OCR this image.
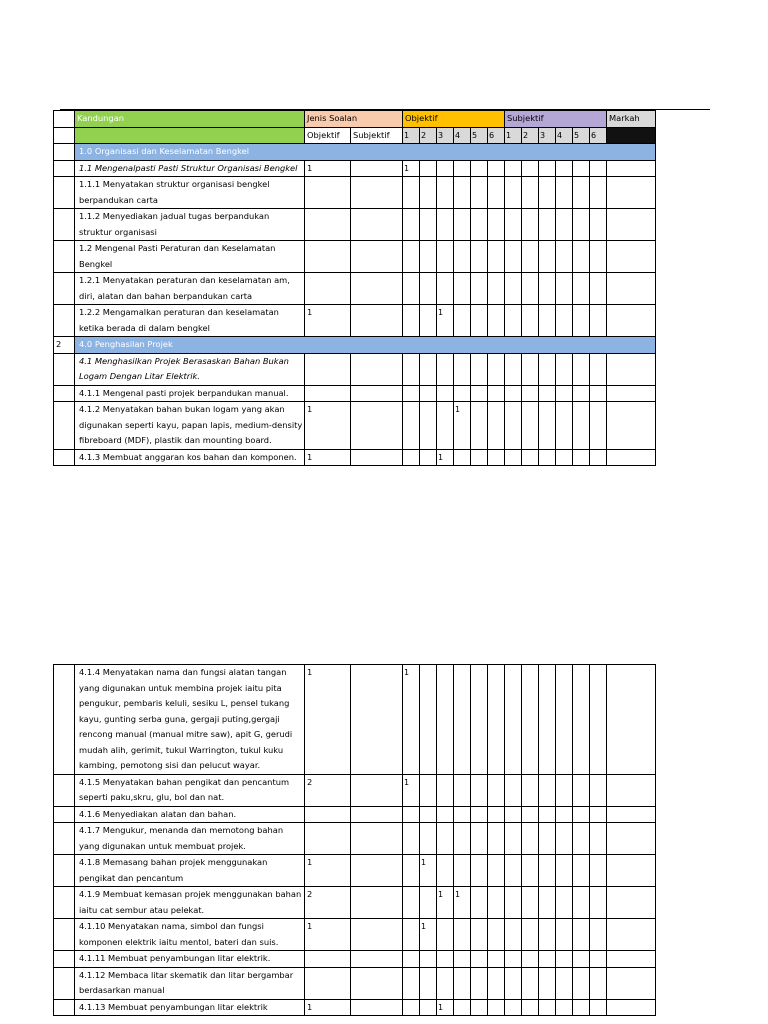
	Kandungan	Jenis Soalan		Objektif						Subjektif						Markah
		Objektif	Subjektif	1	2	3	4	5	6	1	2	3	4	5	6	
	1.0 Organisasi dan Keselamatan Bengkel															
	1.1 Mengenalpasti Pasti Struktur Organisasi Bengkel	1		1												
	1.1.1 Menyatakan struktur organisasi bengkel berpandukan carta															
	1.1.2 Menyediakan jadual tugas berpandukan struktur organisasi															
	1.2 Mengenal Pasti Peraturan dan Keselamatan Bengkel															
	1.2.1 Menyatakan peraturan dan keselamatan am, diri, alatan dan bahan berpandukan carta															
	1.2.2 Mengamalkan peraturan dan keselamatan ketika berada di dalam bengkel	1				1										
2	4.0 Penghasilan Projek															
	4.1 Menghasilkan Projek Berasaskan Bahan Bukan Logam Dengan Litar Elektrik.															
	4.1.1 Mengenal pasti projek berpandukan manual.															
	4.1.2 Menyatakan bahan bukan logam yang akan digunakan seperti kayu, papan lapis, medium-density fibreboard (MDF), plastik dan mounting board.	1					1									
	4.1.3 Membuat anggaran kos bahan dan komponen.	1				1										
	4.1.4 Menyatakan nama dan fungsi alatan tangan yang digunakan untuk membina projek iaitu pita pengukur, pembaris keluli, sesiku L, pensel tukang kayu, gunting serba guna, gergaji puting,gergaji rencong manual (manual mitre saw), apit G, gerudi mudah alih, gerimit, tukul Warrington, tukul kuku kambing, pemotong sisi dan pelucut wayar.	1		1												
	4.1.5 Menyatakan bahan pengikat dan pencantum seperti paku,skru, glu, bol dan nat.	2		1												
	4.1.6 Menyediakan alatan dan bahan.															
	4.1.7 Mengukur, menanda dan memotong bahan yang digunakan untuk membuat projek.															
	4.1.8 Memasang bahan projek menggunakan pengikat dan pencantum	1			1											
	4.1.9 Membuat kemasan projek menggunakan bahan iaitu cat sembur atau pelekat.	2				1	1									
	4.1.10 Menyatakan nama, simbol dan fungsi komponen elektrik iaitu mentol, bateri dan suis.	1			1											
	4.1.11 Membuat penyambungan litar elektrik.															
	4.1.12 Membaca litar skematik dan litar bergambar berdasarkan manual															
	4.1.13 Membuat penyambungan litar elektrik	1				1										
